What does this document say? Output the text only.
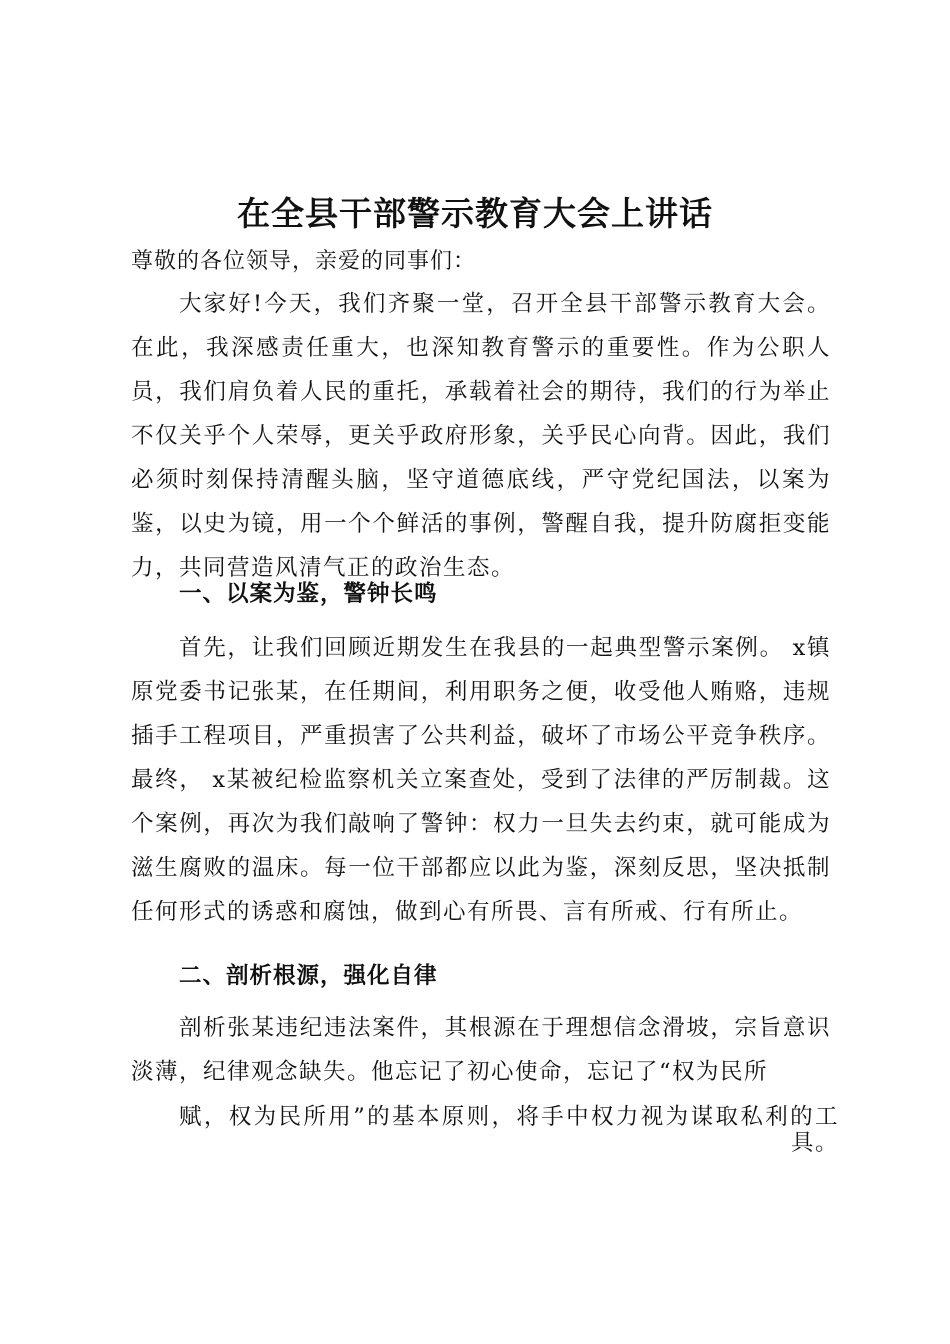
在全县干部警示教育大会上讲话
尊敬的各位领导，亲爱的同事们：

大家好!今天，我们齐聚一堂，召开全县干部警示教育大会。在此，我深感责任重大，也深知教育警示的重要性。作为公职人员，我们肩负着人民的重托，承载着社会的期待，我们的行为举止不仅关乎个人荣辱，更关乎政府形象，关乎民心向背。因此，我们必须时刻保持清醒头脑，坚守道德底线，严守党纪国法，以案为鉴，以史为镜，用一个个鲜活的事例，警醒自我，提升防腐拒变能力，共同营造风清气正的政治生态。

一、以案为鉴，警钟长鸣

首先，让我们回顾近期发生在我县的一起典型警示案例。 x镇原党委书记张某，在任期间，利用职务之便，收受他人贿赂，违规插手工程项目，严重损害了公共利益，破坏了市场公平竞争秩序。最终， x某被纪检监察机关立案查处，受到了法律的严厉制裁。这个案例，再次为我们敲响了警钟：权力一旦失去约束，就可能成为滋生腐败的温床。每一位干部都应以此为鉴，深刻反思，坚决抵制任何形式的诱惑和腐蚀，做到心有所畏、言有所戒、行有所止。

二、剖析根源，强化自律

剖析张某违纪违法案件，其根源在于理想信念滑坡，宗旨意识淡薄，纪律观念缺失。他忘记了初心使命，忘记了“权为民所

赋，权为民所用”的基本原则，将手中权力视为谋取私利的工具。
